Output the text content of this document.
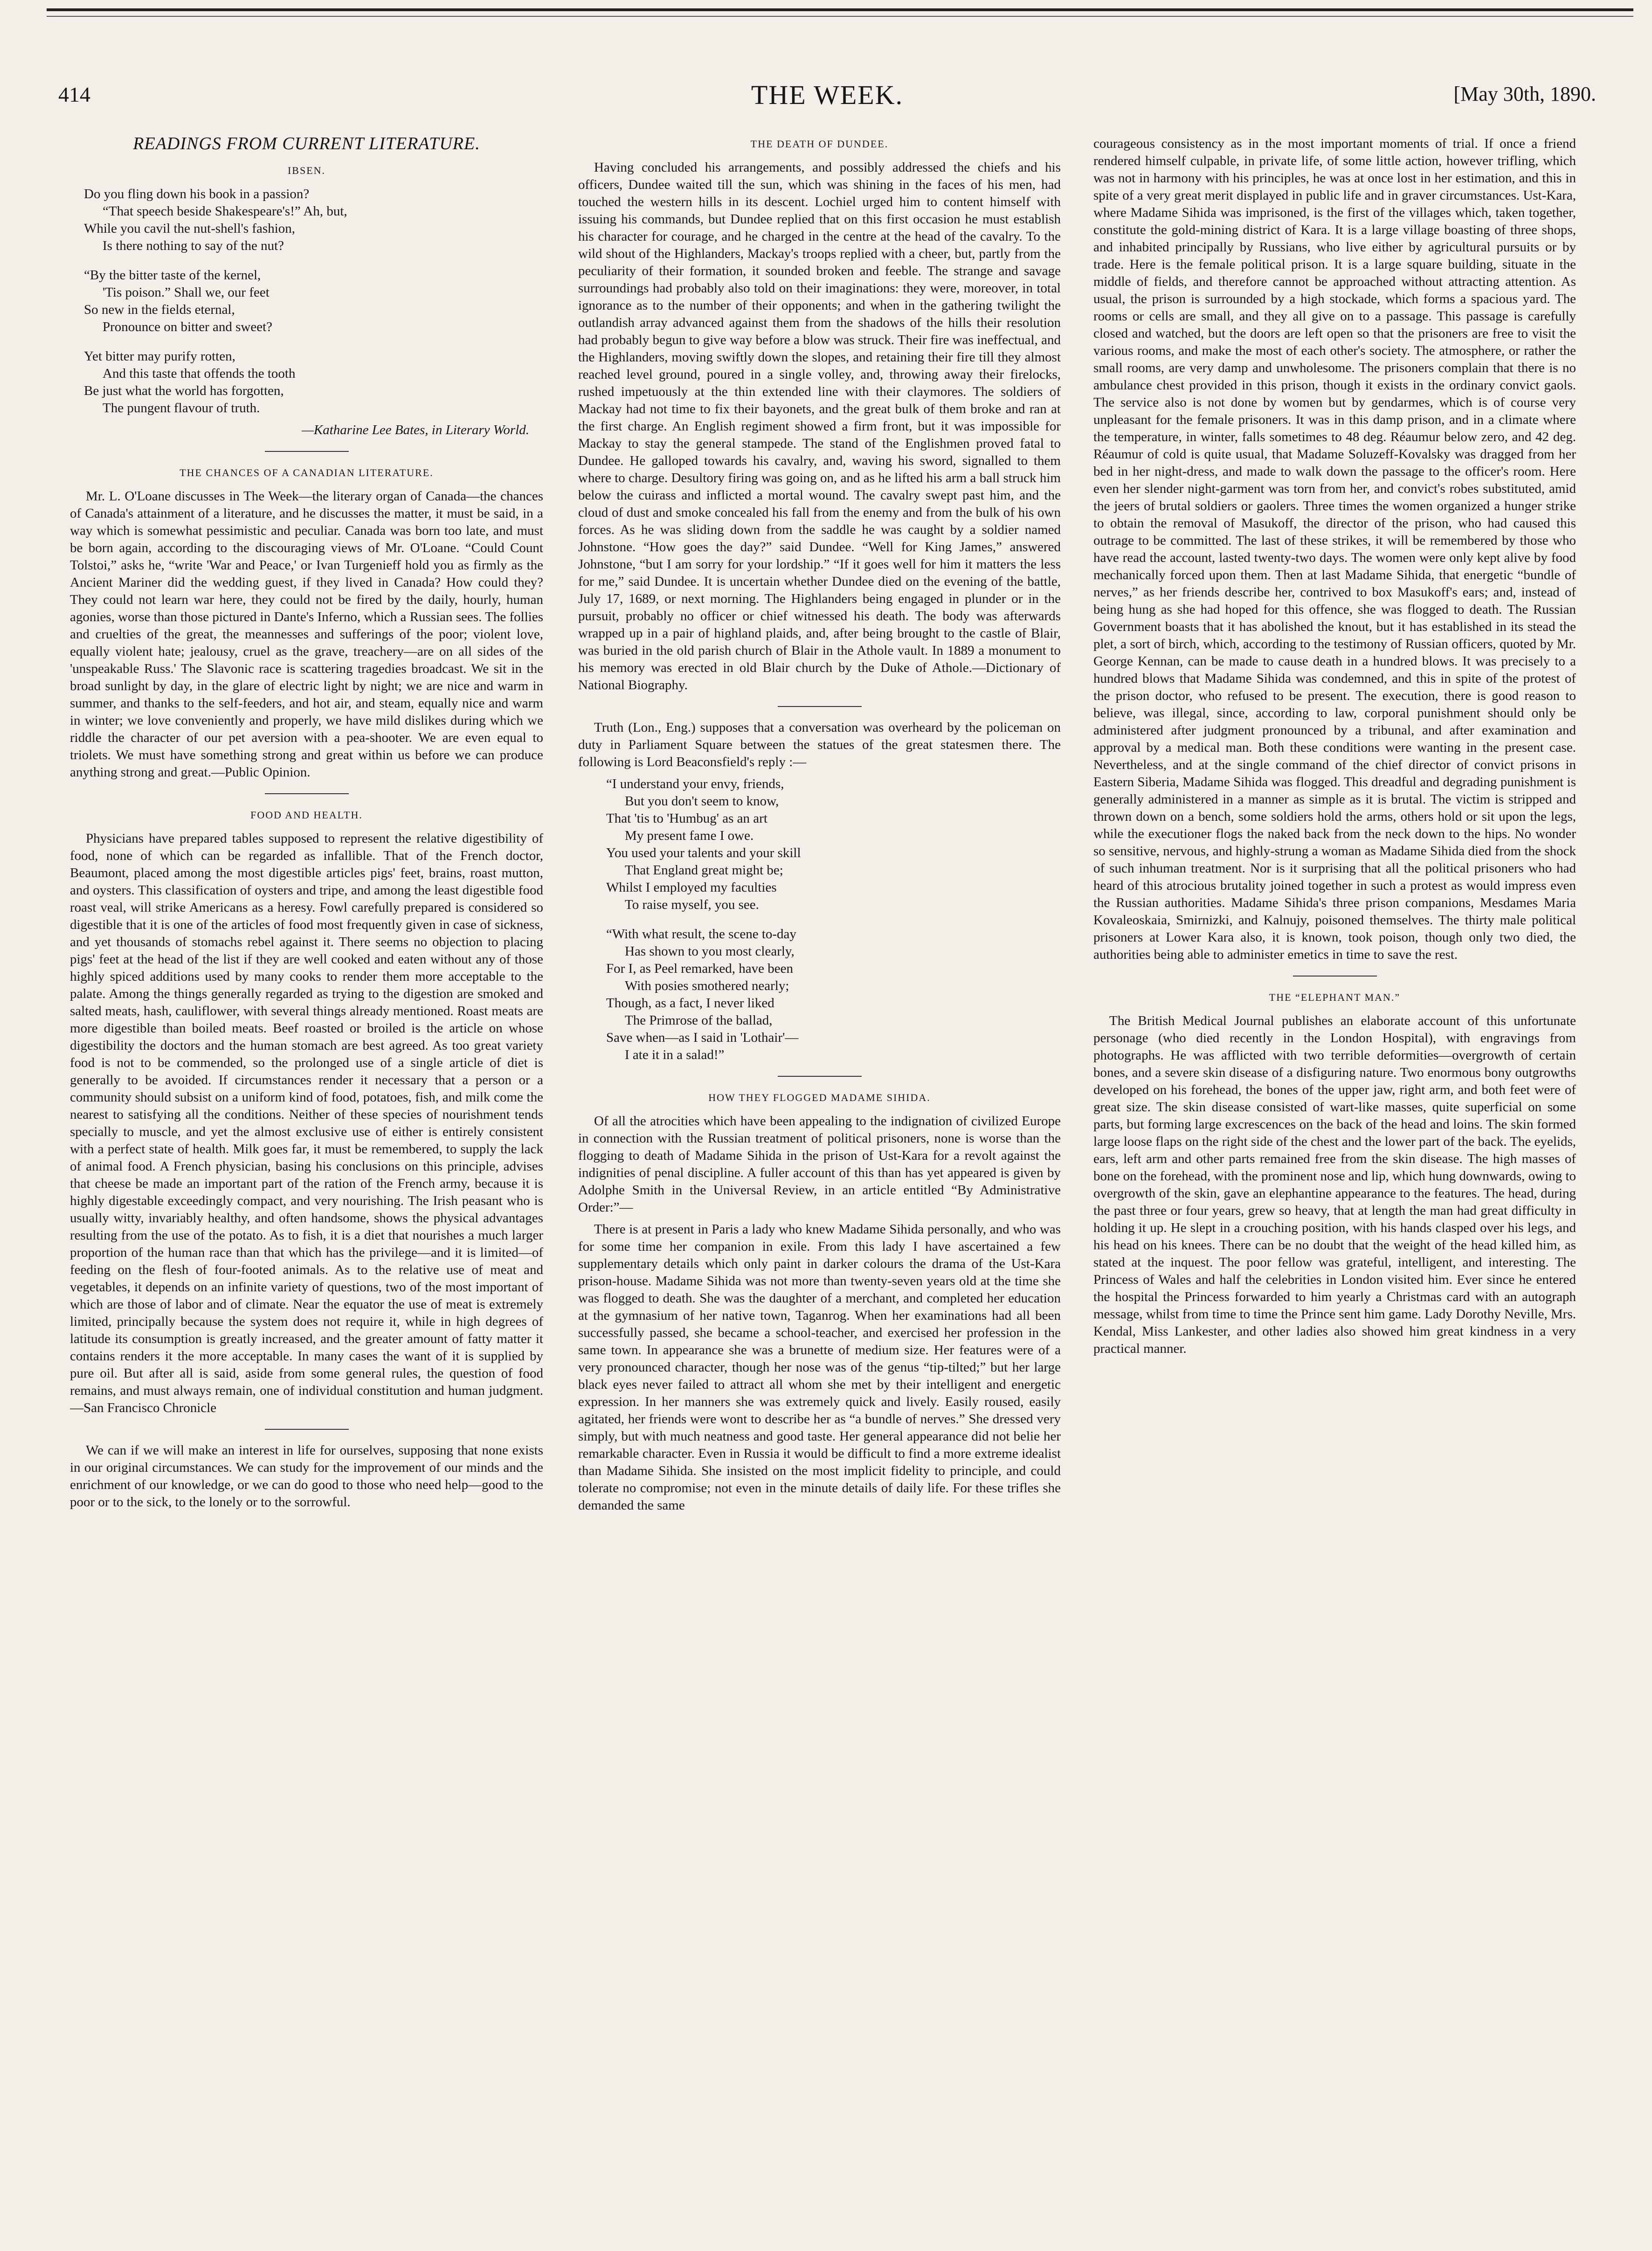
414	THE WEEK.	[May 30th, 1890.
READINGS FROM CURRENT LITERATURE.
IBSEN.
Do you fling down his book in a passion?
“That speech beside Shakespeare's!” Ah, but,
While you cavil the nut-shell's fashion,
Is there nothing to say of the nut?
“By the bitter taste of the kernel,
'Tis poison.” Shall we, our feet
So new in the fields eternal,
Pronounce on bitter and sweet?
Yet bitter may purify rotten,
And this taste that offends the tooth
Be just what the world has forgotten,
The pungent flavour of truth.
—Katharine Lee Bates, in Literary World.
THE CHANCES OF A CANADIAN LITERATURE.

Mr. L. O'Loane discusses in The Week—the literary organ of Canada—the chances of Canada's attainment of a literature, and he discusses the matter, it must be said, in a way which is somewhat pessimistic and peculiar. Canada was born too late, and must be born again, according to the discouraging views of Mr. O'Loane. “Could Count Tolstoi,” asks he, “write 'War and Peace,' or Ivan Turgenieff hold you as firmly as the Ancient Mariner did the wedding guest, if they lived in Canada? How could they? They could not learn war here, they could not be fired by the daily, hourly, human agonies, worse than those pictured in Dante's Inferno, which a Russian sees. The follies and cruelties of the great, the meannesses and sufferings of the poor; violent love, equally violent hate; jealousy, cruel as the grave, treachery—are on all sides of the 'unspeakable Russ.' The Slavonic race is scattering tragedies broadcast. We sit in the broad sunlight by day, in the glare of electric light by night; we are nice and warm in summer, and thanks to the self-feeders, and hot air, and steam, equally nice and warm in winter; we love conveniently and properly, we have mild dislikes during which we riddle the character of our pet aversion with a pea-shooter. We are even equal to triolets. We must have something strong and great within us before we can produce anything strong and great.—Public Opinion.

FOOD AND HEALTH.

Physicians have prepared tables supposed to represent the relative digestibility of food, none of which can be regarded as infallible. That of the French doctor, Beaumont, placed among the most digestible articles pigs' feet, brains, roast mutton, and oysters. This classification of oysters and tripe, and among the least digestible food roast veal, will strike Americans as a heresy. Fowl carefully prepared is considered so digestible that it is one of the articles of food most frequently given in case of sickness, and yet thousands of stomachs rebel against it. There seems no objection to placing pigs' feet at the head of the list if they are well cooked and eaten without any of those highly spiced additions used by many cooks to render them more acceptable to the palate. Among the things generally regarded as trying to the digestion are smoked and salted meats, hash, cauliflower, with several things already mentioned. Roast meats are more digestible than boiled meats. Beef roasted or broiled is the article on whose digestibility the doctors and the human stomach are best agreed. As too great variety food is not to be commended, so the prolonged use of a single article of diet is generally to be avoided. If circumstances render it necessary that a person or a community should subsist on a uniform kind of food, potatoes, fish, and milk come the nearest to satisfying all the conditions. Neither of these species of nourishment tends specially to muscle, and yet the almost exclusive use of either is entirely consistent with a perfect state of health. Milk goes far, it must be remembered, to supply the lack of animal food. A French physician, basing his conclusions on this principle, advises that cheese be made an important part of the ration of the French army, because it is highly digestable exceedingly compact, and very nourishing. The Irish peasant who is usually witty, invariably healthy, and often handsome, shows the physical advantages resulting from the use of the potato. As to fish, it is a diet that nourishes a much larger proportion of the human race than that which has the privilege—and it is limited—of feeding on the flesh of four-footed animals. As to the relative use of meat and vegetables, it depends on an infinite variety of questions, two of the most important of which are those of labor and of climate. Near the equator the use of meat is extremely limited, principally because the system does not require it, while in high degrees of latitude its consumption is greatly increased, and the greater amount of fatty matter it contains renders it the more acceptable. In many cases the want of it is supplied by pure oil. But after all is said, aside from some general rules, the question of food remains, and must always remain, one of individual constitution and human judgment.—San Francisco Chronicle

We can if we will make an interest in life for ourselves, supposing that none exists in our original circumstances. We can study for the improvement of our minds and the enrichment of our knowledge, or we can do good to those who need help—good to the poor or to the sick, to the lonely or to the sorrowful.

THE DEATH OF DUNDEE.

Having concluded his arrangements, and possibly addressed the chiefs and his officers, Dundee waited till the sun, which was shining in the faces of his men, had touched the western hills in its descent. Lochiel urged him to content himself with issuing his commands, but Dundee replied that on this first occasion he must establish his character for courage, and he charged in the centre at the head of the cavalry. To the wild shout of the Highlanders, Mackay's troops replied with a cheer, but, partly from the peculiarity of their formation, it sounded broken and feeble. The strange and savage surroundings had probably also told on their imaginations: they were, moreover, in total ignorance as to the number of their opponents; and when in the gathering twilight the outlandish array advanced against them from the shadows of the hills their resolution had probably begun to give way before a blow was struck. Their fire was ineffectual, and the Highlanders, moving swiftly down the slopes, and retaining their fire till they almost reached level ground, poured in a single volley, and, throwing away their firelocks, rushed impetuously at the thin extended line with their claymores. The soldiers of Mackay had not time to fix their bayonets, and the great bulk of them broke and ran at the first charge. An English regiment showed a firm front, but it was impossible for Mackay to stay the general stampede. The stand of the Englishmen proved fatal to Dundee. He galloped towards his cavalry, and, waving his sword, signalled to them where to charge. Desultory firing was going on, and as he lifted his arm a ball struck him below the cuirass and inflicted a mortal wound. The cavalry swept past him, and the cloud of dust and smoke concealed his fall from the enemy and from the bulk of his own forces. As he was sliding down from the saddle he was caught by a soldier named Johnstone. “How goes the day?” said Dundee. “Well for King James,” answered Johnstone, “but I am sorry for your lordship.” “If it goes well for him it matters the less for me,” said Dundee. It is uncertain whether Dundee died on the evening of the battle, July 17, 1689, or next morning. The Highlanders being engaged in plunder or in the pursuit, probably no officer or chief witnessed his death. The body was afterwards wrapped up in a pair of highland plaids, and, after being brought to the castle of Blair, was buried in the old parish church of Blair in the Athole vault. In 1889 a monument to his memory was erected in old Blair church by the Duke of Athole.—Dictionary of National Biography.

Truth (Lon., Eng.) supposes that a conversation was overheard by the policeman on duty in Parliament Square between the statues of the great statesmen there. The following is Lord Beaconsfield's reply :—

“I understand your envy, friends,
But you don't seem to know,
That 'tis to 'Humbug' as an art
My present fame I owe.
You used your talents and your skill
That England great might be;
Whilst I employed my faculties
To raise myself, you see.
“With what result, the scene to-day
Has shown to you most clearly,
For I, as Peel remarked, have been
With posies smothered nearly;
Though, as a fact, I never liked
The Primrose of the ballad,
Save when—as I said in 'Lothair'—
I ate it in a salad!”
HOW THEY FLOGGED MADAME SIHIDA.

Of all the atrocities which have been appealing to the indignation of civilized Europe in connection with the Russian treatment of political prisoners, none is worse than the flogging to death of Madame Sihida in the prison of Ust-Kara for a revolt against the indignities of penal discipline. A fuller account of this than has yet appeared is given by Adolphe Smith in the Universal Review, in an article entitled “By Administrative Order:”—

There is at present in Paris a lady who knew Madame Sihida personally, and who was for some time her companion in exile. From this lady I have ascertained a few supplementary details which only paint in darker colours the drama of the Ust-Kara prison-house. Madame Sihida was not more than twenty-seven years old at the time she was flogged to death. She was the daughter of a merchant, and completed her education at the gymnasium of her native town, Taganrog. When her examinations had all been successfully passed, she became a school-teacher, and exercised her profession in the same town. In appearance she was a brunette of medium size. Her features were of a very pronounced character, though her nose was of the genus “tip-tilted;” but her large black eyes never failed to attract all whom she met by their intelligent and energetic expression. In her manners she was extremely quick and lively. Easily roused, easily agitated, her friends were wont to describe her as “a bundle of nerves.” She dressed very simply, but with much neatness and good taste. Her general appearance did not belie her remarkable character. Even in Russia it would be difficult to find a more extreme idealist than Madame Sihida. She insisted on the most implicit fidelity to principle, and could tolerate no compromise; not even in the minute details of daily life. For these trifles she demanded the same

courageous consistency as in the most important moments of trial. If once a friend rendered himself culpable, in private life, of some little action, however trifling, which was not in harmony with his principles, he was at once lost in her estimation, and this in spite of a very great merit displayed in public life and in graver circumstances. Ust-Kara, where Madame Sihida was imprisoned, is the first of the villages which, taken together, constitute the gold-mining district of Kara. It is a large village boasting of three shops, and inhabited principally by Russians, who live either by agricultural pursuits or by trade. Here is the female political prison. It is a large square building, situate in the middle of fields, and therefore cannot be approached without attracting attention. As usual, the prison is surrounded by a high stockade, which forms a spacious yard. The rooms or cells are small, and they all give on to a passage. This passage is carefully closed and watched, but the doors are left open so that the prisoners are free to visit the various rooms, and make the most of each other's society. The atmosphere, or rather the small rooms, are very damp and unwholesome. The prisoners complain that there is no ambulance chest provided in this prison, though it exists in the ordinary convict gaols. The service also is not done by women but by gendarmes, which is of course very unpleasant for the female prisoners. It was in this damp prison, and in a climate where the temperature, in winter, falls sometimes to 48 deg. Réaumur below zero, and 42 deg. Réaumur of cold is quite usual, that Madame Soluzeff-Kovalsky was dragged from her bed in her night-dress, and made to walk down the passage to the officer's room. Here even her slender night-garment was torn from her, and convict's robes substituted, amid the jeers of brutal soldiers or gaolers. Three times the women organized a hunger strike to obtain the removal of Masukoff, the director of the prison, who had caused this outrage to be committed. The last of these strikes, it will be remembered by those who have read the account, lasted twenty-two days. The women were only kept alive by food mechanically forced upon them. Then at last Madame Sihida, that energetic “bundle of nerves,” as her friends describe her, contrived to box Masukoff's ears; and, instead of being hung as she had hoped for this offence, she was flogged to death. The Russian Government boasts that it has abolished the knout, but it has established in its stead the plet, a sort of birch, which, according to the testimony of Russian officers, quoted by Mr. George Kennan, can be made to cause death in a hundred blows. It was precisely to a hundred blows that Madame Sihida was condemned, and this in spite of the protest of the prison doctor, who refused to be present. The execution, there is good reason to believe, was illegal, since, according to law, corporal punishment should only be administered after judgment pronounced by a tribunal, and after examination and approval by a medical man. Both these conditions were wanting in the present case. Nevertheless, and at the single command of the chief director of convict prisons in Eastern Siberia, Madame Sihida was flogged. This dreadful and degrading punishment is generally administered in a manner as simple as it is brutal. The victim is stripped and thrown down on a bench, some soldiers hold the arms, others hold or sit upon the legs, while the executioner flogs the naked back from the neck down to the hips. No wonder so sensitive, nervous, and highly-strung a woman as Madame Sihida died from the shock of such inhuman treatment. Nor is it surprising that all the political prisoners who had heard of this atrocious brutality joined together in such a protest as would impress even the Russian authorities. Madame Sihida's three prison companions, Mesdames Maria Kovaleoskaia, Smirnizki, and Kalnujy, poisoned themselves. The thirty male political prisoners at Lower Kara also, it is known, took poison, though only two died, the authorities being able to administer emetics in time to save the rest.

THE “ELEPHANT MAN.”

The British Medical Journal publishes an elaborate account of this unfortunate personage (who died recently in the London Hospital), with engravings from photographs. He was afflicted with two terrible deformities—overgrowth of certain bones, and a severe skin disease of a disfiguring nature. Two enormous bony outgrowths developed on his forehead, the bones of the upper jaw, right arm, and both feet were of great size. The skin disease consisted of wart-like masses, quite superficial on some parts, but forming large excrescences on the back of the head and loins. The skin formed large loose flaps on the right side of the chest and the lower part of the back. The eyelids, ears, left arm and other parts remained free from the skin disease. The high masses of bone on the forehead, with the prominent nose and lip, which hung downwards, owing to overgrowth of the skin, gave an elephantine appearance to the features. The head, during the past three or four years, grew so heavy, that at length the man had great difficulty in holding it up. He slept in a crouching position, with his hands clasped over his legs, and his head on his knees. There can be no doubt that the weight of the head killed him, as stated at the inquest. The poor fellow was grateful, intelligent, and interesting. The Princess of Wales and half the celebrities in London visited him. Ever since he entered the hospital the Princess forwarded to him yearly a Christmas card with an autograph message, whilst from time to time the Prince sent him game. Lady Dorothy Neville, Mrs. Kendal, Miss Lankester, and other ladies also showed him great kindness in a very practical manner.
